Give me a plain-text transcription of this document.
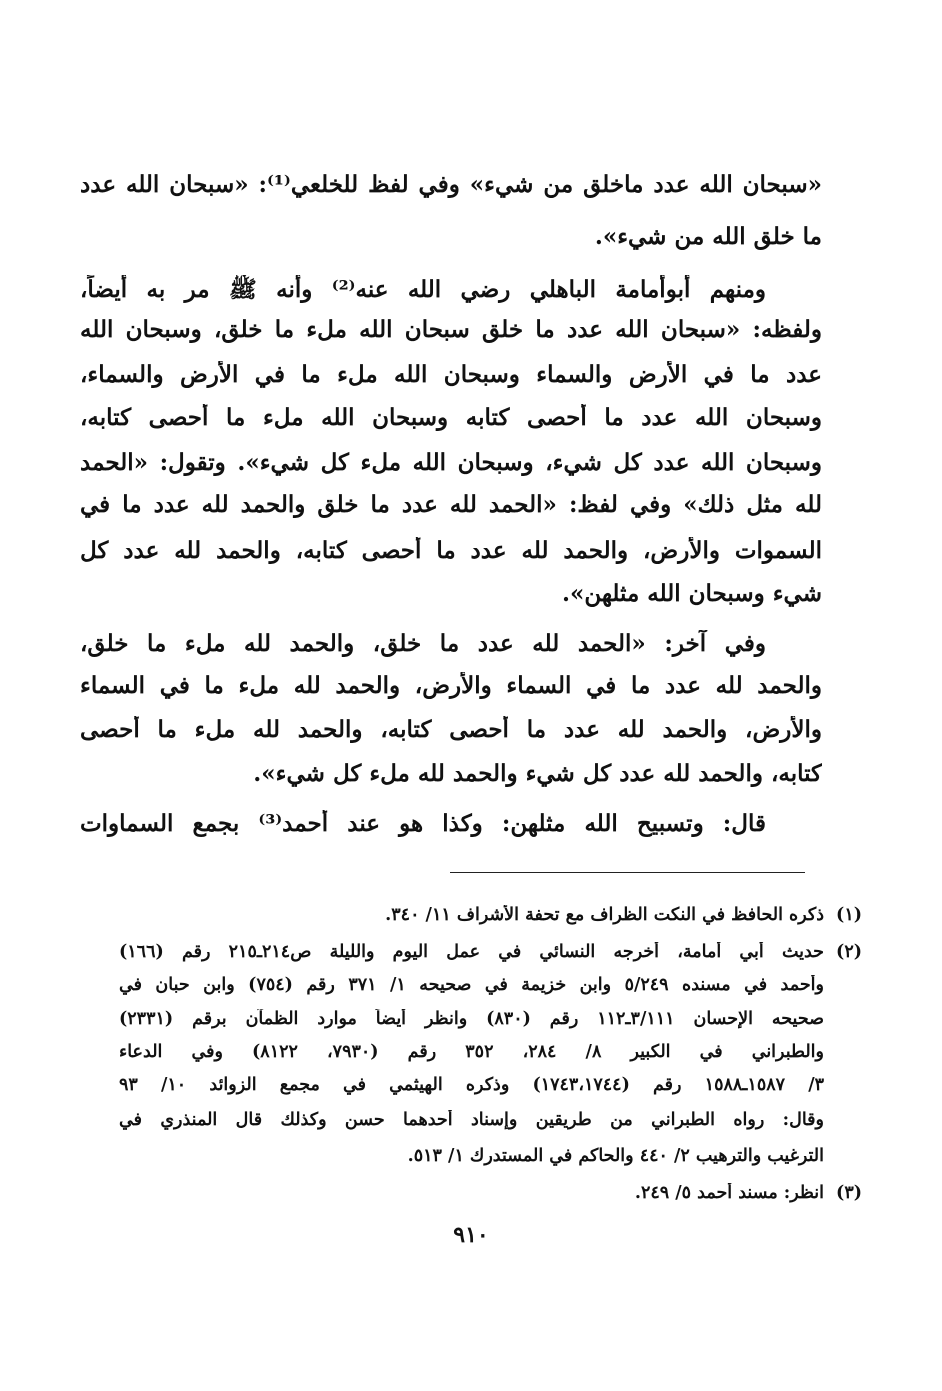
«سبحان الله عدد ماخلق من شيء» وفي لفظ للخلعي⁽¹⁾: «سبحان الله عدد
ما خلق الله من شيء».
ومنهم أبوأمامة الباهلي رضي الله عنه⁽²⁾ وأنه ﷺ مر به أيضاً،
ولفظه: «سبحان الله عدد ما خلق سبحان الله ملء ما خلق، وسبحان الله
عدد ما في الأرض والسماء وسبحان الله ملء ما في الأرض والسماء،
وسبحان الله عدد ما أحصى كتابه وسبحان الله ملء ما أحصى كتابه،
وسبحان الله عدد كل شيء، وسبحان الله ملء كل شيء». وتقول: «الحمد
لله مثل ذلك» وفي لفظ: «الحمد لله عدد ما خلق والحمد لله عدد ما في
السموات والأرض، والحمد لله عدد ما أحصى كتابه، والحمد لله عدد كل
شيء وسبحان الله مثلهن».
وفي آخر: «الحمد لله عدد ما خلق، والحمد لله ملء ما خلق،
والحمد لله عدد ما في السماء والأرض، والحمد لله ملء ما في السماء
والأرض، والحمد لله عدد ما أحصى كتابه، والحمد لله ملء ما أحصى
كتابه، والحمد لله عدد كل شيء والحمد لله ملء كل شيء».
قال: وتسبيح الله مثلهن: وكذا هو عند أحمد⁽³⁾ بجمع السماوات
(١)
ذكره الحافظ في النكت الظراف مع تحفة الأشراف ١١/ ٣٤٠.
(٢)
حديث أبي أمامة، أخرجه النسائي في عمل اليوم والليلة ص٢١٤ـ٢١٥ رقم (١٦٦)
وأحمد في مسنده ٥/٢٤٩ وابن خزيمة في صحيحه ١/ ٣٧١ رقم (٧٥٤) وابن حبان في
صحيحه الإحسان ٣/١١١ـ١١٢ رقم (٨٣٠) وانظر أيضاً موارد الظمآن برقم (٢٣٣١)
والطبراني في الكبير ٨/ ٢٨٤، ٣٥٢ رقم (٧٩٣٠، ٨١٢٢) وفي الدعاء
٣/ ١٥٨٧ـ١٥٨٨ رقم (١٧٤٣،١٧٤٤) وذكره الهيثمي في مجمع الزوائد ١٠/ ٩٣
وقال: رواه الطبراني من طريقين وإسناد أحدهما حسن وكذلك قال المنذري في
الترغيب والترهيب ٢/ ٤٤٠ والحاكم في المستدرك ١/ ٥١٣.
(٣)
انظر: مسند أحمد ٥/ ٢٤٩.
٩١٠
